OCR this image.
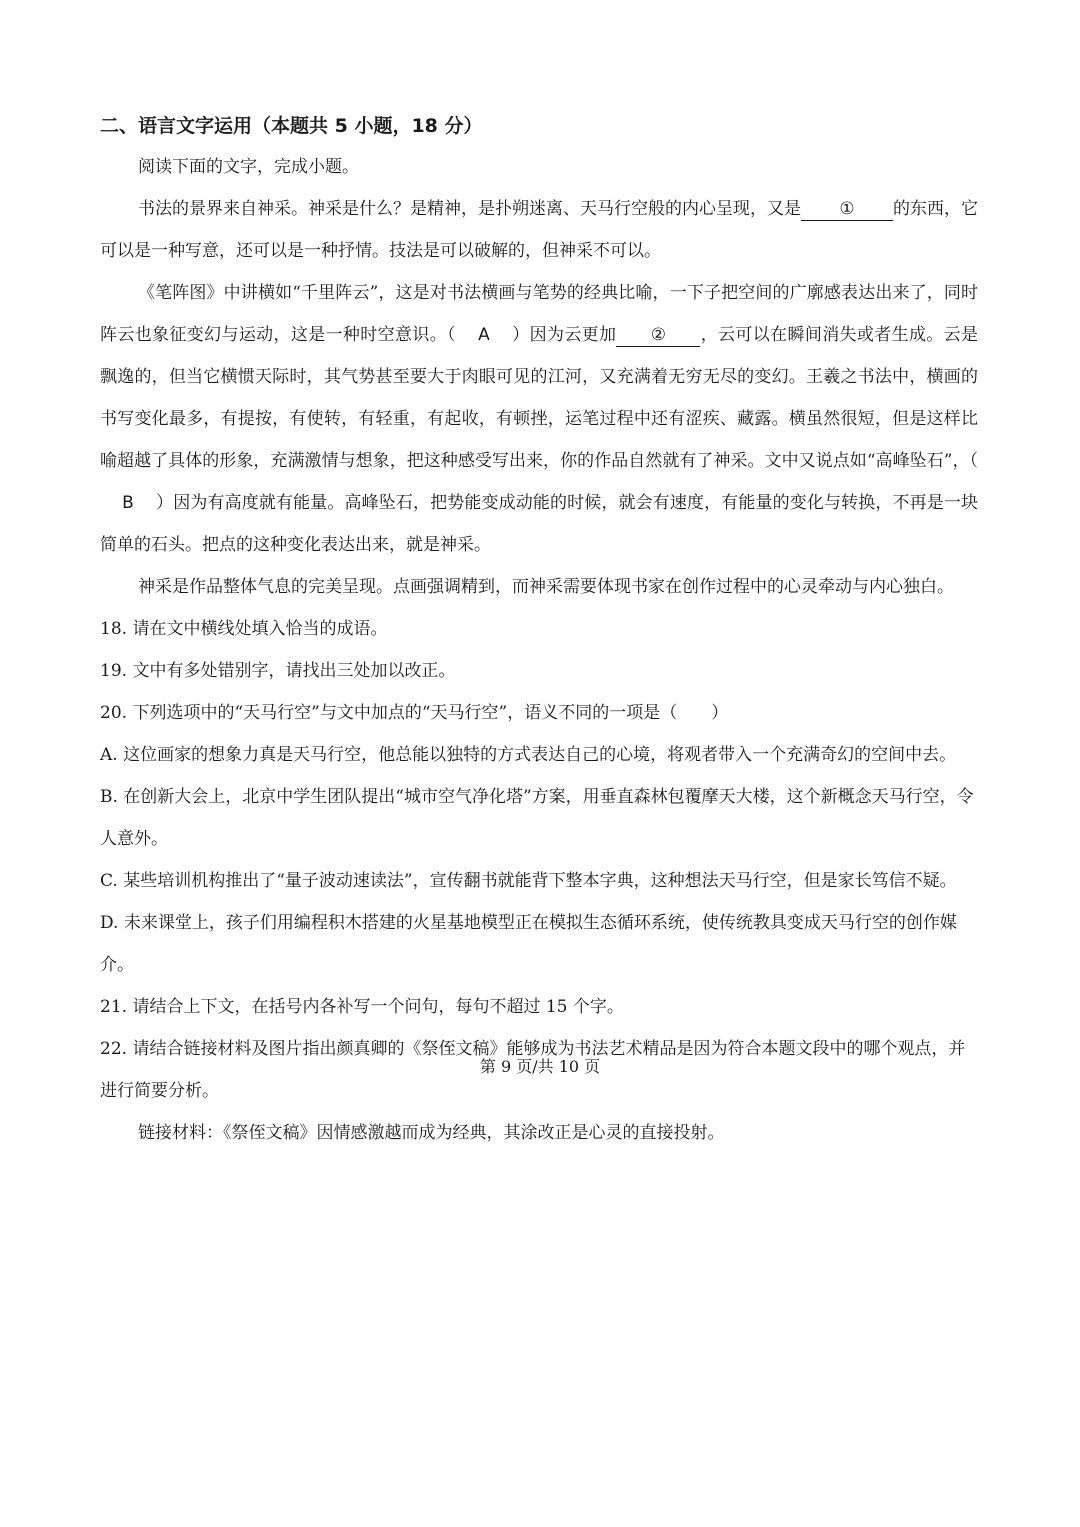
二、语言文字运用（本题共 5 小题，18 分）

阅读下面的文字，完成小题。

书法的景界来自神采。神采是什么？是精神，是扑朔迷离、天马行空般的内心呈现，又是 ① 的东西，它可以是一种写意，还可以是一种抒情。技法是可以破解的，但神采不可以。

《笔阵图》中讲横如“千里阵云”，这是对书法横画与笔势的经典比喻，一下子把空间的广廓感表达出来了，同时阵云也象征变幻与运动，这是一种时空意识。（ A ）因为云更加 ② ，云可以在瞬间消失或者生成。云是飘逸的，但当它横惯天际时，其气势甚至要大于肉眼可见的江河，又充满着无穷无尽的变幻。王羲之书法中，横画的书写变化最多，有提按，有使转，有轻重，有起收，有顿挫，运笔过程中还有涩疾、藏露。横虽然很短，但是这样比喻超越了具体的形象，充满激情与想象，把这种感受写出来，你的作品自然就有了神采。文中又说点如“高峰坠石”，（B ）因为有高度就有能量。高峰坠石，把势能变成动能的时候，就会有速度，有能量的变化与转换，不再是一块简单的石头。把点的这种变化表达出来，就是神采。

神采是作品整体气息的完美呈现。点画强调精到，而神采需要体现书家在创作过程中的心灵牵动与内心独白。

18. 请在文中横线处填入恰当的成语。

19. 文中有多处错别字，请找出三处加以改正。

20. 下列选项中的“天马行空”与文中加点的“天马行空”，语义不同的一项是（　　）

A. 这位画家的想象力真是天马行空，他总能以独特的方式表达自己的心境，将观者带入一个充满奇幻的空间中去。

B. 在创新大会上，北京中学生团队提出“城市空气净化塔”方案，用垂直森林包覆摩天大楼，这个新概念天马行空，令人意外。

C. 某些培训机构推出了“量子波动速读法”，宣传翻书就能背下整本字典，这种想法天马行空，但是家长笃信不疑。

D. 未来课堂上，孩子们用编程积木搭建的火星基地模型正在模拟生态循环系统，使传统教具变成天马行空的创作媒介。

21. 请结合上下文，在括号内各补写一个问句，每句不超过 15 个字。

22. 请结合链接材料及图片指出颜真卿的《祭侄文稿》能够成为书法艺术精品是因为符合本题文段中的哪个观点，并进行简要分析。

链接材料：《祭侄文稿》因情感激越而成为经典，其涂改正是心灵的直接投射。

第 9 页/共 10 页
